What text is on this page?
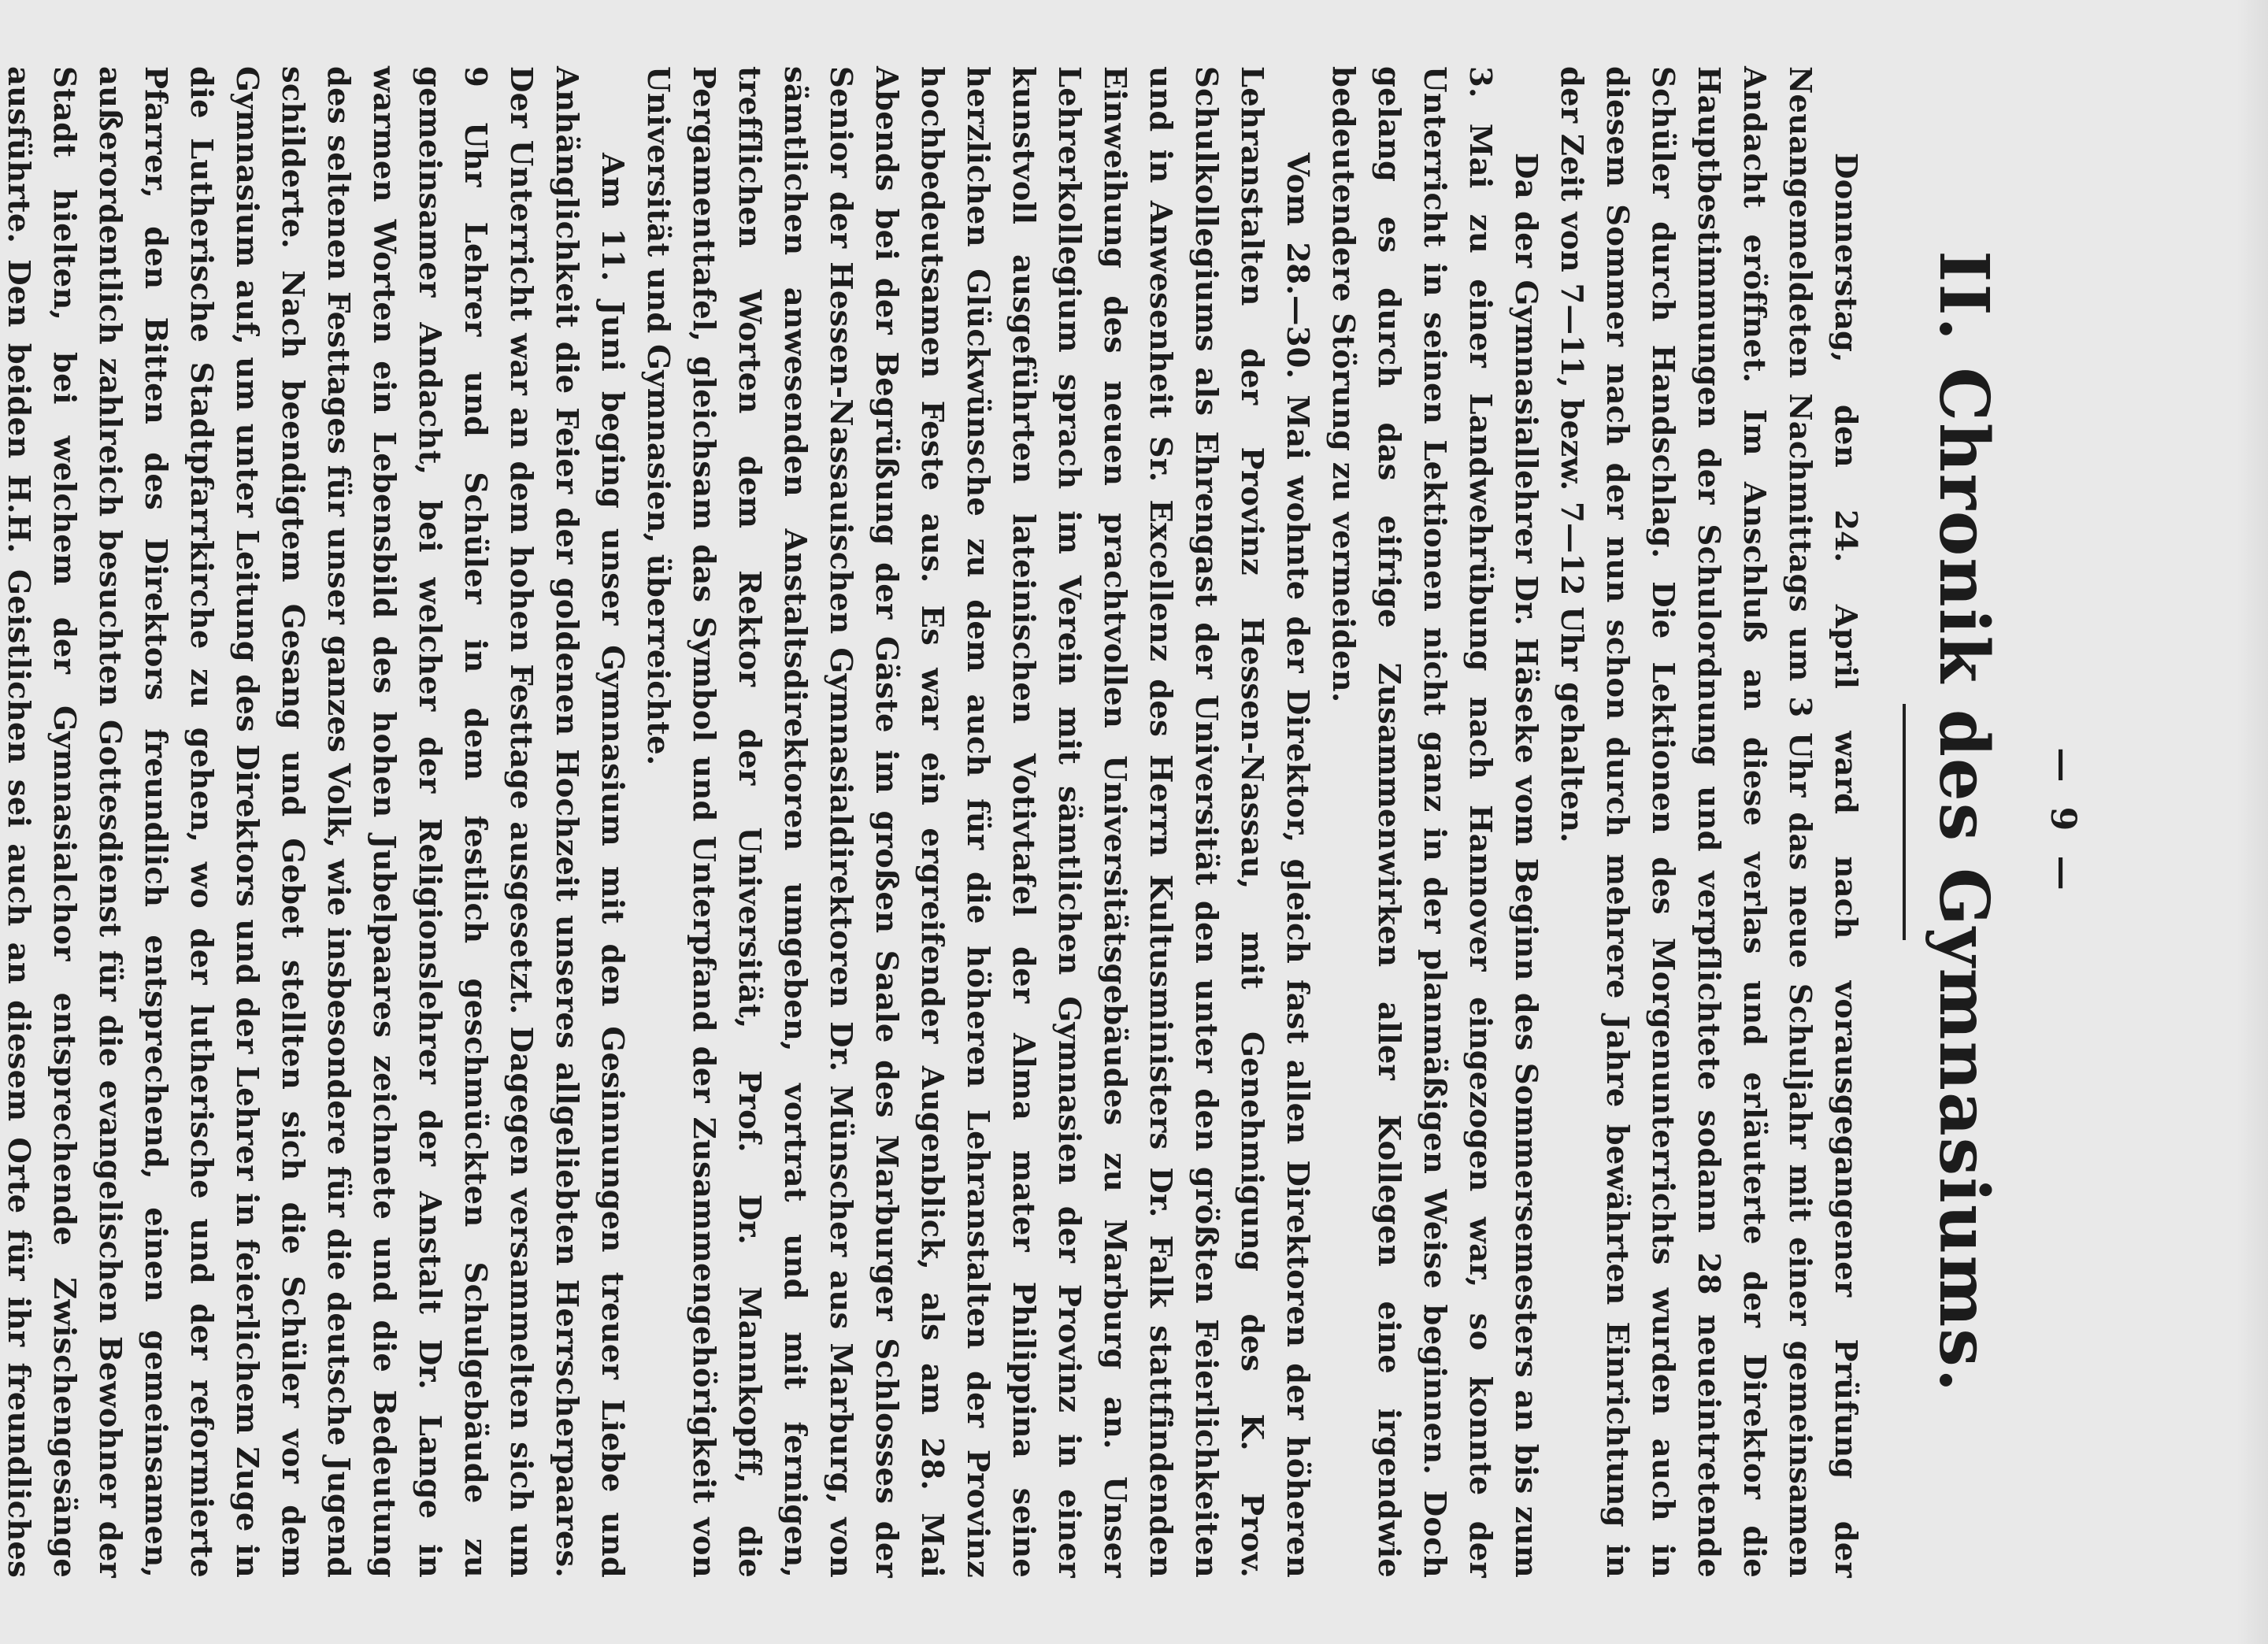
— 9 —
II. Chronik des Gymnasiums.

Donnerstag, den 24. April ward nach vorausgegangener Prüfung der Neuangemeldeten Nachmittags um 3 Uhr das neue Schuljahr mit einer gemeinsamen Andacht eröffnet. Im Anschluß an diese verlas und erläuterte der Direktor die Hauptbestimmungen der Schulordnung und verpflichtete sodann 28 neueintretende Schüler durch Handschlag. Die Lektionen des Morgenunterrichts wurden auch in diesem Sommer nach der nun schon durch mehrere Jahre bewährten Einrichtung in der Zeit von 7—11, bezw. 7—12 Uhr gehalten.

Da der Gymnasiallehrer Dr. Häseke vom Beginn des Sommersemesters an bis zum 3. Mai zu einer Landwehrübung nach Hannover eingezogen war, so konnte der Unterricht in seinen Lektionen nicht ganz in der planmäßigen Weise beginnen. Doch gelang es durch das eifrige Zusammenwirken aller Kollegen eine irgendwie bedeutendere Störung zu vermeiden.

Vom 28.—30. Mai wohnte der Direktor, gleich fast allen Direktoren der höheren Lehranstalten der Provinz Hessen-Nassau, mit Genehmigung des K. Prov. Schulkollegiums als Ehrengast der Universität den unter den größten Feierlichkeiten und in Anwesenheit Sr. Excellenz des Herrn Kultusministers Dr. Falk stattfindenden Einweihung des neuen prachtvollen Universitätsgebäudes zu Marburg an. Unser Lehrerkollegium sprach im Verein mit sämtlichen Gymnasien der Provinz in einer kunstvoll ausgeführten lateinischen Votivtafel der Alma mater Philippina seine herzlichen Glückwünsche zu dem auch für die höheren Lehranstalten der Provinz hochbedeutsamen Feste aus. Es war ein ergreifender Augenblick, als am 28. Mai Abends bei der Begrüßung der Gäste im großen Saale des Marburger Schlosses der Senior der Hessen-Nassauischen Gymnasialdirektoren Dr. Münscher aus Marburg, von sämtlichen anwesenden Anstaltsdirektoren umgeben, vortrat und mit fernigen, trefflichen Worten dem Rektor der Universität, Prof. Dr. Mannkopff, die Pergamenttafel, gleichsam das Symbol und Unterpfand der Zusammengehörigkeit von Universität und Gymnasien, überreichte.

Am 11. Juni beging unser Gymnasium mit den Gesinnungen treuer Liebe und Anhänglichkeit die Feier der goldenen Hochzeit unseres allgeliebten Herrscherpaares. Der Unterricht war an dem hohen Festtage ausgesetzt. Dagegen versammelten sich um 9 Uhr Lehrer und Schüler in dem festlich geschmückten Schulgebäude zu gemeinsamer Andacht, bei welcher der Religionslehrer der Anstalt Dr. Lange in warmen Worten ein Lebensbild des hohen Jubelpaares zeichnete und die Bedeutung des seltenen Festtages für unser ganzes Volk, wie insbesondere für die deutsche Jugend schilderte. Nach beendigtem Gesang und Gebet stellten sich die Schüler vor dem Gymnasium auf, um unter Leitung des Direktors und der Lehrer in feierlichem Zuge in die Lutherische Stadtpfarrkirche zu gehen, wo der lutherische und der reformierte Pfarrer, den Bitten des Direktors freundlich entsprechend, einen gemeinsamen, außerordentlich zahlreich besuchten Gottesdienst für die evangelischen Bewohner der Stadt hielten, bei welchem der Gymnasialchor entsprechende Zwischengesänge ausführte. Den beiden H.H. Geistlichen sei auch an diesem Orte für ihr freundliches
